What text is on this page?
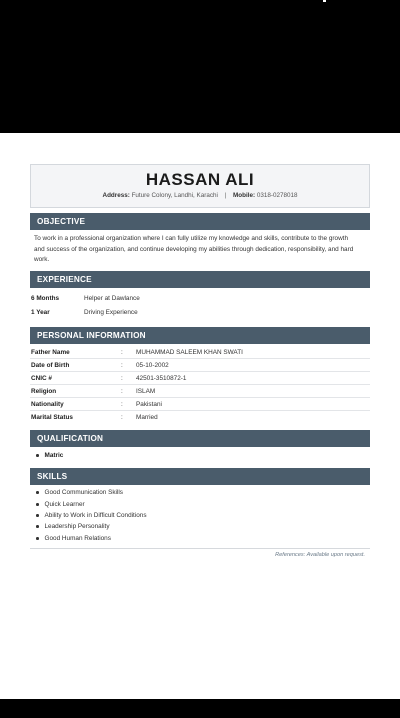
HASSAN ALI
Address: Future Colony, Landhi, Karachi | Mobile: 0318-0278018
OBJECTIVE
To work in a professional organization where I can fully utilize my knowledge and skills, contribute to the growth
and success of the organization, and continue developing my abilities through dedication, responsibility, and hard
work.
EXPERIENCE
6 Months	Helper at Dawlance
1 Year	Driving Experience
PERSONAL INFORMATION
Father Name	: MUHAMMAD SALEEM KHAN SWATI
Date of Birth	: 05-10-2002
CNIC #	: 42501-3510872-1
Religion	: ISLAM
Nationality	: Pakistani
Marital Status	: Married
QUALIFICATION
Matric
SKILLS
Good Communication Skills
Quick Learner
Ability to Work in Difficult Conditions
Leadership Personality
Good Human Relations
References: Available upon request.
